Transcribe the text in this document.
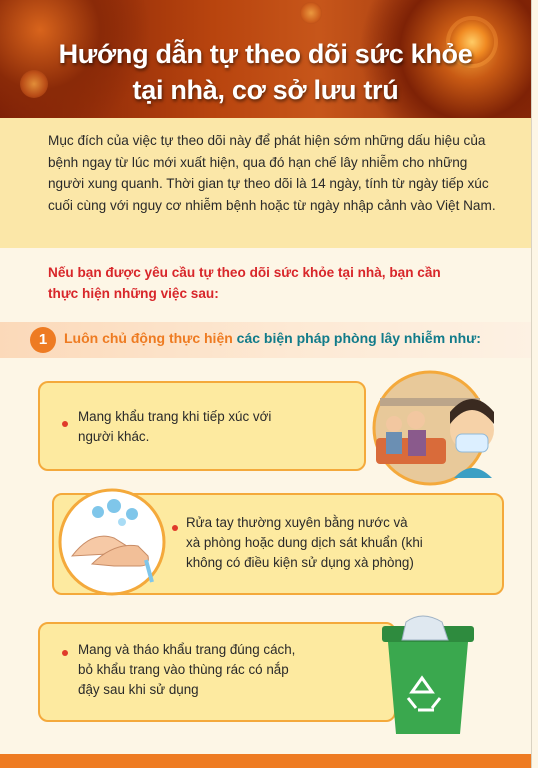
Hướng dẫn tự theo dõi sức khỏe
tại nhà, cơ sở lưu trú
Mục đích của việc tự theo dõi này để phát hiện sớm những dấu hiệu của bệnh ngay từ lúc mới xuất hiện, qua đó hạn chế lây nhiễm cho những người xung quanh. Thời gian tự theo dõi là 14 ngày, tính từ ngày tiếp xúc cuối cùng với nguy cơ nhiễm bệnh hoặc từ ngày nhập cảnh vào Việt Nam.
Nếu bạn được yêu cầu tự theo dõi sức khỏe tại nhà, bạn cần
thực hiện những việc sau:
1	Luôn chủ động thực hiện các biện pháp phòng lây nhiễm như:
Mang khẩu trang khi tiếp xúc với
người khác.
Rửa tay thường xuyên bằng nước và
xà phòng hoặc dung dịch sát khuẩn (khi
không có điều kiện sử dụng xà phòng)
Mang và tháo khẩu trang đúng cách,
bỏ khẩu trang vào thùng rác có nắp
đậy sau khi sử dụng
